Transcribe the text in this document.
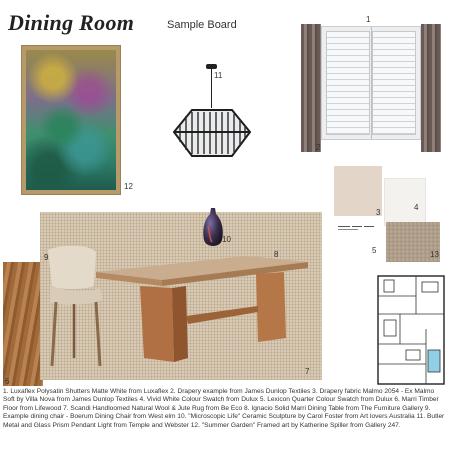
Dining Room	Sample Board
12
11
1
2
3
4
5	13
6
7
10
8
9
1. Luxaflex Polysatin Shutters Matte White from Luxaflex 2. Drapery example from James Dunlop Textiles 3. Drapery fabric Malmo 2054 - Ex Malmo Soft by Villa Nova from James Dunlop Textiles 4. Vivid White Colour Swatch from Dulux 5. Lexicon Quarter Colour Swatch from Dulux 6. Marri Timber Floor from Lifewood 7. Scandi Handloomed Natural Wool & Jute Rug from Be Eco 8. Ignacio Solid Marri Dining Table from The Furniture Gallery 9. Example dining chair - Boerum Dining Chair from West elm 10. "Microscopic Life" Ceramic Sculpture by Carol Foster from Art lovers Australia 11. Butler Metal and Glass Prism Pendant Light from Temple and Webster 12. "Summer Garden" Framed art by Katherine Spiller from Gallery 247.
